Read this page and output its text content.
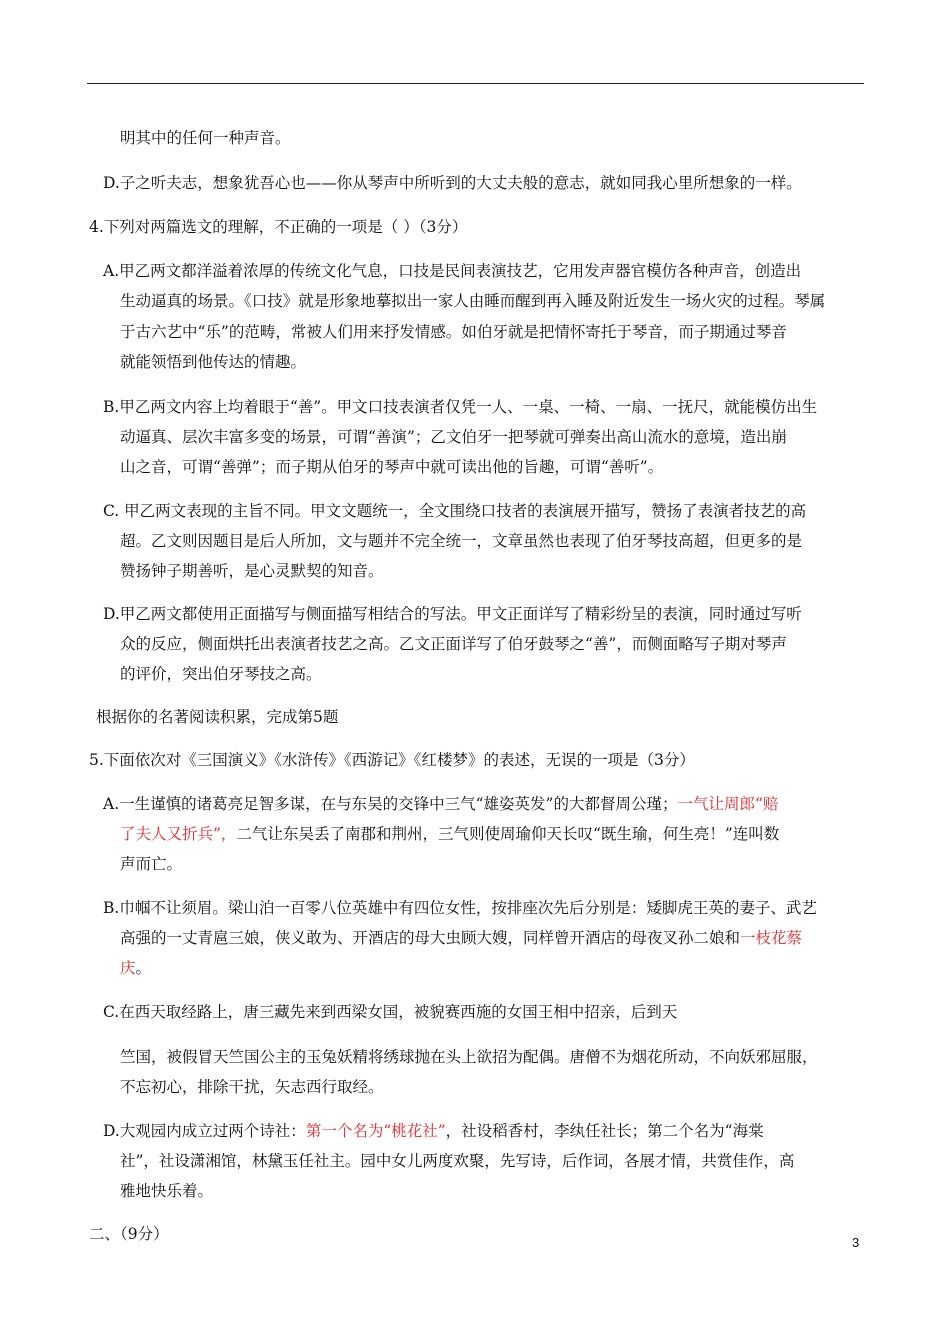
明其中的任何一种声音。
D.子之听夫志，想象犹吾心也——你从琴声中所听到的大丈夫般的意志，就如同我心里所想象的一样。
4.下列对两篇选文的理解，不正确的一项是（ ）（3分）
A.甲乙两文都洋溢着浓厚的传统文化气息，口技是民间表演技艺，它用发声器官模仿各种声音，创造出
生动逼真的场景。《口技》就是形象地摹拟出一家人由睡而醒到再入睡及附近发生一场火灾的过程。琴属
于古六艺中“乐”的范畴，常被人们用来抒发情感。如伯牙就是把情怀寄托于琴音，而子期通过琴音
就能领悟到他传达的情趣。
B.甲乙两文内容上均着眼于“善”。甲文口技表演者仅凭一人、一桌、一椅、一扇、一抚尺，就能模仿出生
动逼真、层次丰富多变的场景，可谓“善演”；乙文伯牙一把琴就可弹奏出高山流水的意境，造出崩
山之音，可谓“善弹”；而子期从伯牙的琴声中就可读出他的旨趣，可谓“善听”。
C. 甲乙两文表现的主旨不同。甲文文题统一，全文围绕口技者的表演展开描写，赞扬了表演者技艺的高
超。乙文则因题目是后人所加，文与题并不完全统一，文章虽然也表现了伯牙琴技高超，但更多的是
赞扬钟子期善听，是心灵默契的知音。
D.甲乙两文都使用正面描写与侧面描写相结合的写法。甲文正面详写了精彩纷呈的表演，同时通过写听
众的反应，侧面烘托出表演者技艺之高。乙文正面详写了伯牙鼓琴之“善”，而侧面略写子期对琴声
的评价，突出伯牙琴技之高。
根据你的名著阅读积累，完成第5题
5.下面依次对《三国演义》《水浒传》《西游记》《红楼梦》的表述，无误的一项是（3分）
A.一生谨慎的诸葛亮足智多谋，在与东吴的交锋中三气“雄姿英发”的大都督周公瑾；一气让周郎“赔
了夫人又折兵”，二气让东吴丢了南郡和荆州，三气则使周瑜仰天长叹“既生瑜，何生亮！”连叫数
声而亡。
B.巾帼不让须眉。梁山泊一百零八位英雄中有四位女性，按排座次先后分别是：矮脚虎王英的妻子、武艺
高强的一丈青扈三娘，侠义敢为、开酒店的母大虫顾大嫂，同样曾开酒店的母夜叉孙二娘和一枝花蔡
庆。
C.在西天取经路上，唐三藏先来到西梁女国，被貌赛西施的女国王相中招亲，后到天
竺国，被假冒天竺国公主的玉兔妖精将绣球抛在头上欲招为配偶。唐僧不为烟花所动，不向妖邪屈服，
不忘初心，排除干扰，矢志西行取经。
D.大观园内成立过两个诗社：第一个名为“桃花社”，社设稻香村，李纨任社长；第二个名为“海棠
社”，社设潇湘馆，林黛玉任社主。园中女儿两度欢聚，先写诗，后作词，各展才情，共赏佳作，高
雅地快乐着。
二、（9分）	3
